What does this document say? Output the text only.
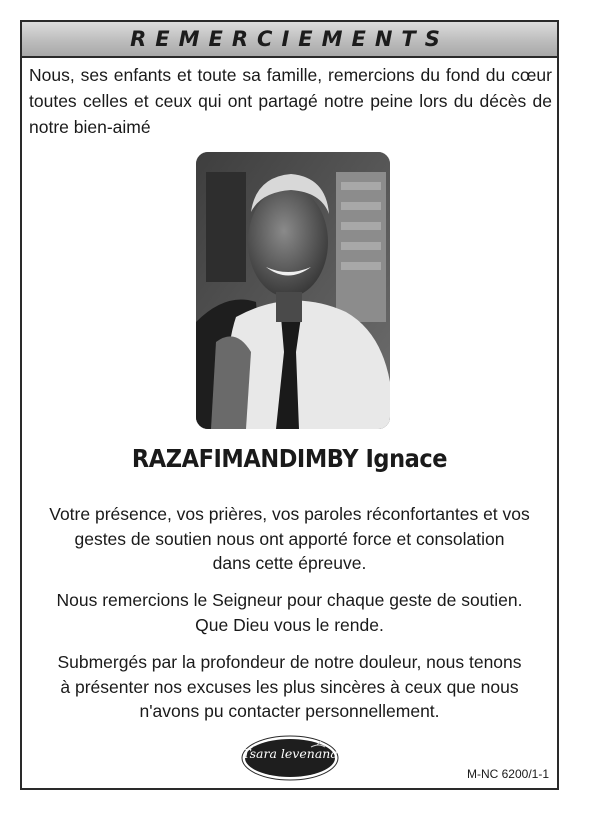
REMERCIEMENTS
Nous, ses enfants et toute sa famille, remercions du fond du cœur toutes celles et ceux qui ont partagé notre peine lors du décès de notre bien-aimé
RAZAFIMANDIMBY Ignace
Votre présence, vos prières, vos paroles réconfortantes et vos
gestes de soutien nous ont apporté force et consolation
dans cette épreuve.
Nous remercions le Seigneur pour chaque geste de soutien.
Que Dieu vous le rende.
Submergés par la profondeur de notre douleur, nous tenons
à présenter nos excuses les plus sincères à ceux que nous
n'avons pu contacter personnellement.
Tsara levenana
M-NC 6200/1-1
